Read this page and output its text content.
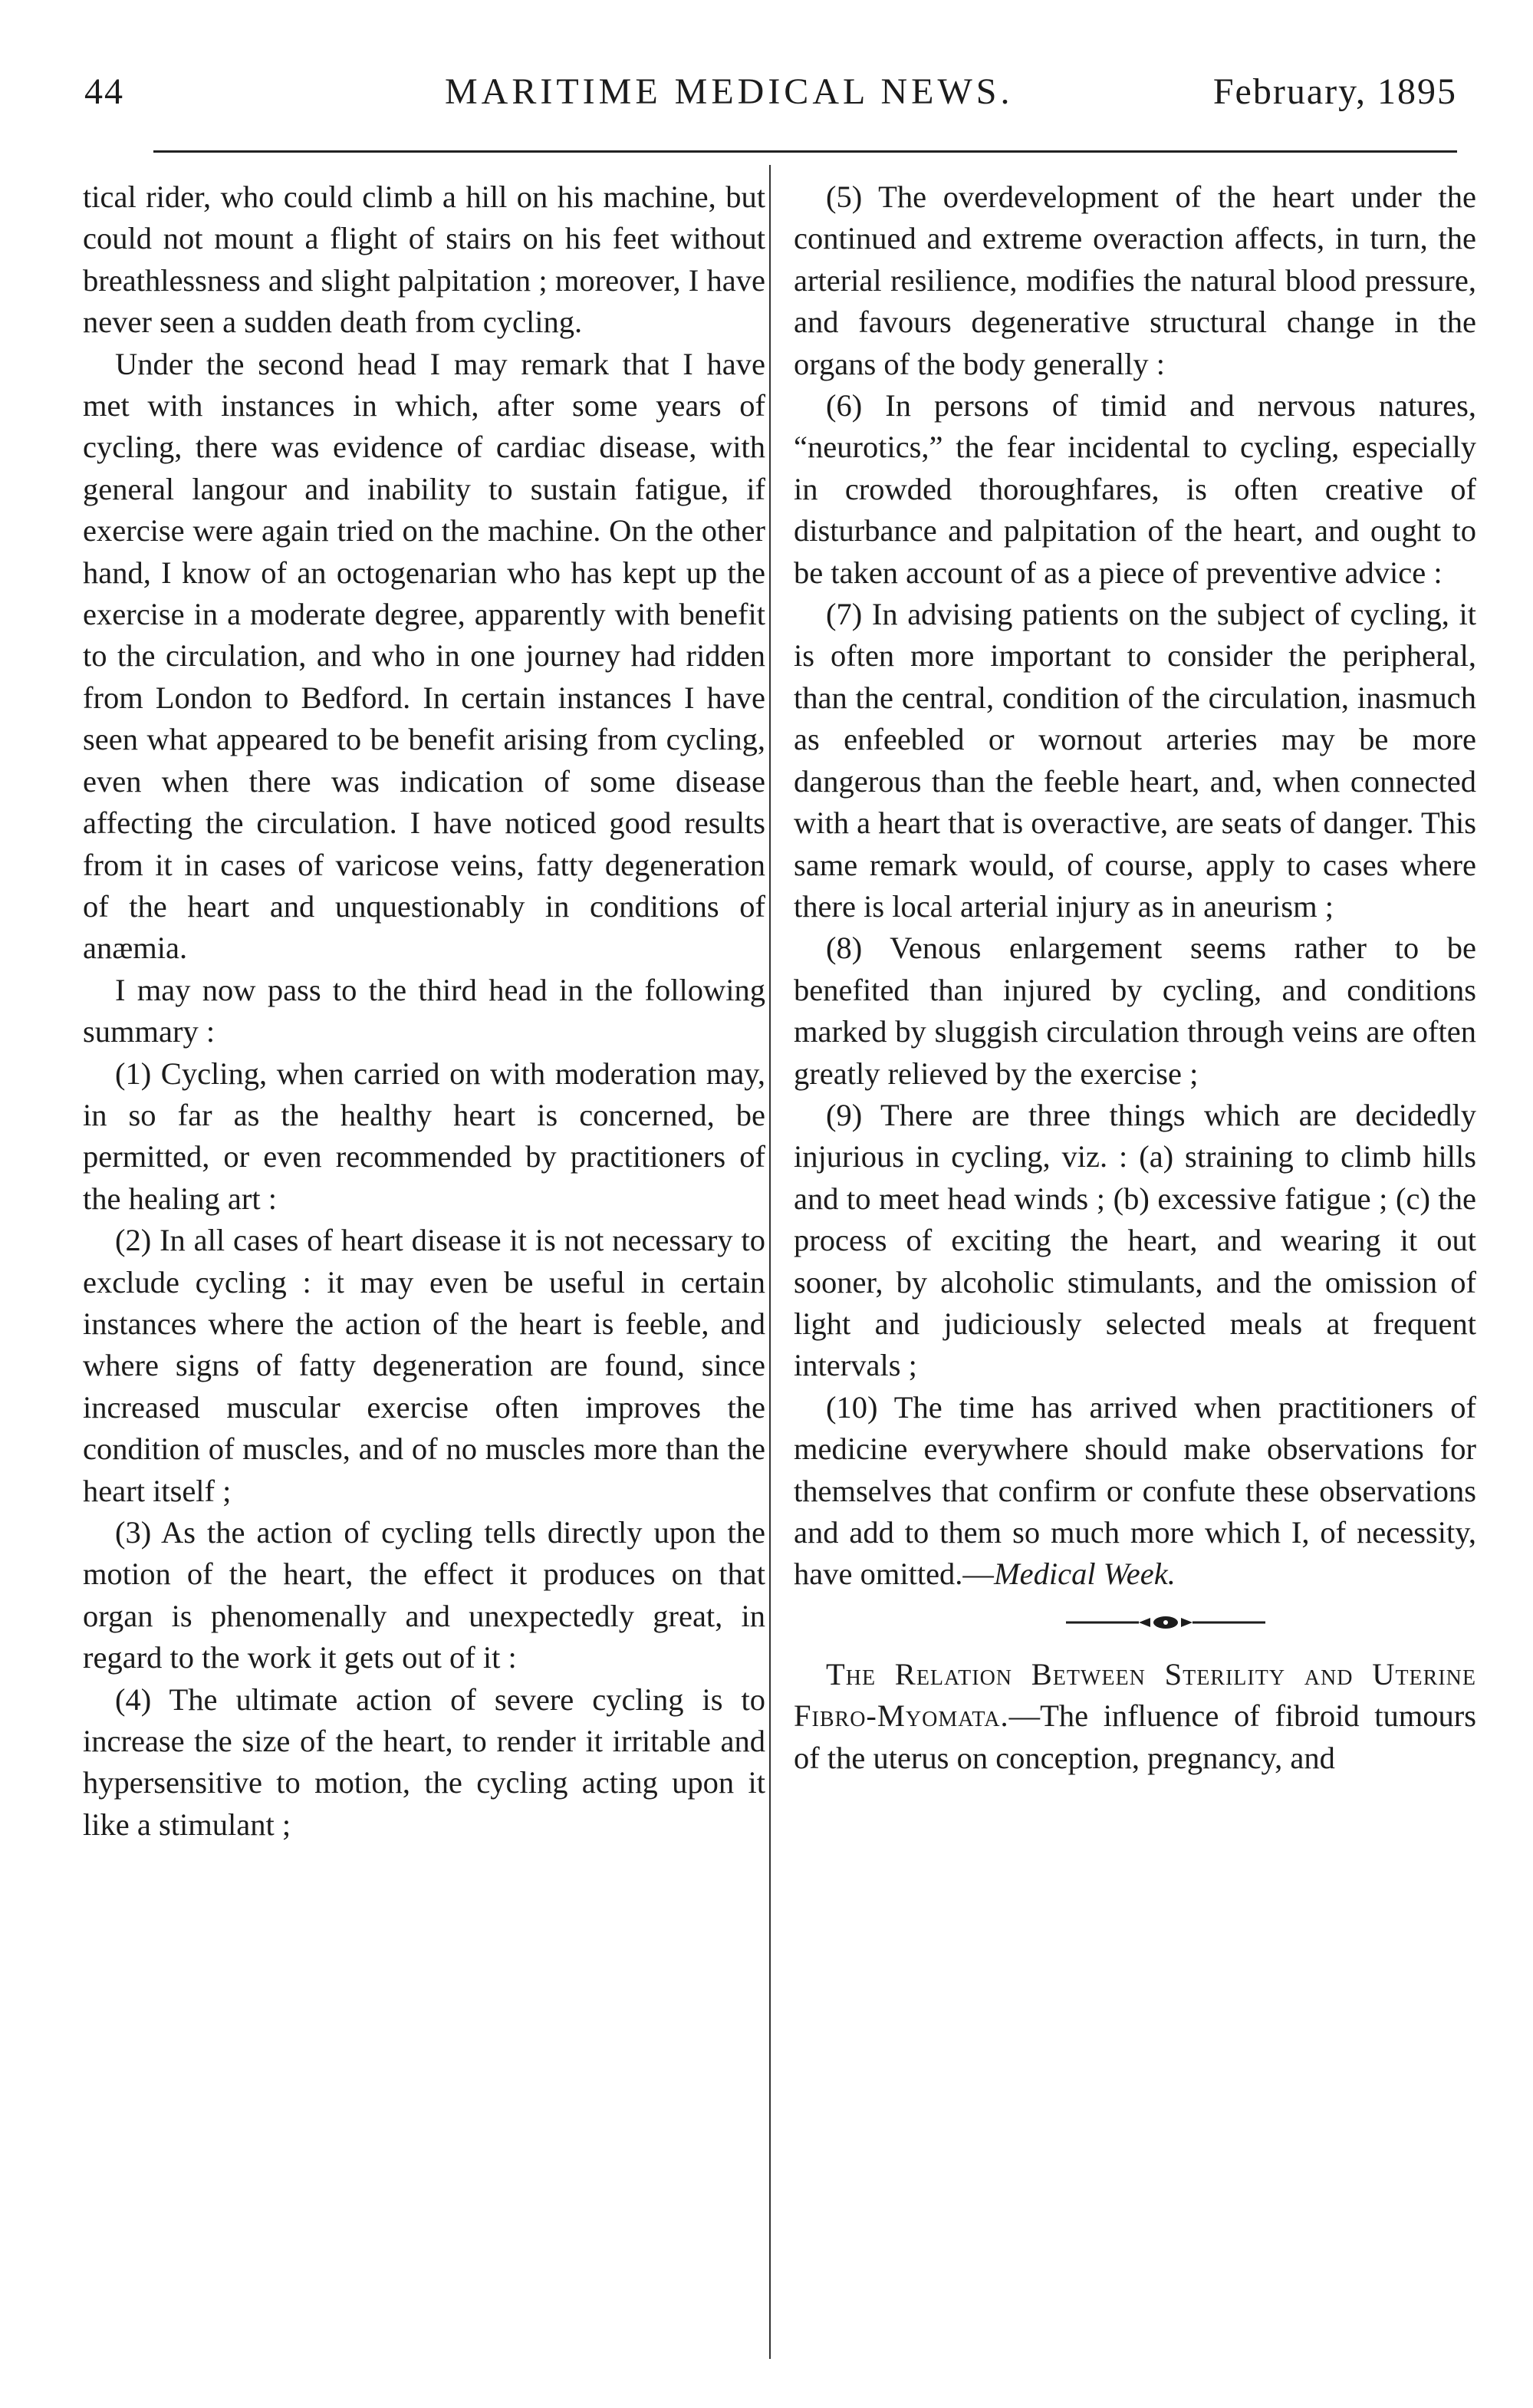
44	MARITIME MEDICAL NEWS.	February, 1895

tical rider, who could climb a hill on his machine, but could not mount a flight of stairs on his feet without breathlessness and slight palpitation ; moreover, I have never seen a sudden death from cycling.

Under the second head I may remark that I have met with instances in which, after some years of cycling, there was evidence of cardiac disease, with general langour and inability to sustain fatigue, if exercise were again tried on the machine. On the other hand, I know of an octogenarian who has kept up the exercise in a moderate degree, apparently with benefit to the circulation, and who in one journey had ridden from London to Bedford. In certain instances I have seen what appeared to be benefit arising from cycling, even when there was indication of some disease affecting the circulation. I have noticed good results from it in cases of varicose veins, fatty degeneration of the heart and unquestionably in conditions of anæmia.

I may now pass to the third head in the following summary :

(1) Cycling, when carried on with moderation may, in so far as the healthy heart is concerned, be permitted, or even recommended by practitioners of the healing art :

(2) In all cases of heart disease it is not necessary to exclude cycling : it may even be useful in certain instances where the action of the heart is feeble, and where signs of fatty degeneration are found, since increased muscular exercise often improves the condition of muscles, and of no muscles more than the heart itself ;

(3) As the action of cycling tells directly upon the motion of the heart, the effect it produces on that organ is phenomenally and unexpectedly great, in regard to the work it gets out of it :

(4) The ultimate action of severe cycling is to increase the size of the heart, to render it irritable and hypersensitive to motion, the cycling acting upon it like a stimulant ;

(5) The overdevelopment of the heart under the continued and extreme overaction affects, in turn, the arterial resilience, modifies the natural blood pressure, and favours degenerative structural change in the organs of the body generally :

(6) In persons of timid and nervous natures, “neurotics,” the fear incidental to cycling, especially in crowded thoroughfares, is often creative of disturbance and palpitation of the heart, and ought to be taken account of as a piece of preventive advice :

(7) In advising patients on the subject of cycling, it is often more important to consider the peripheral, than the central, condition of the circulation, inasmuch as enfeebled or wornout arteries may be more dangerous than the feeble heart, and, when connected with a heart that is overactive, are seats of danger. This same remark would, of course, apply to cases where there is local arterial injury as in aneurism ;

(8) Venous enlargement seems rather to be benefited than injured by cycling, and conditions marked by sluggish circulation through veins are often greatly relieved by the exercise ;

(9) There are three things which are decidedly injurious in cycling, viz. : (a) straining to climb hills and to meet head winds ; (b) excessive fatigue ; (c) the process of exciting the heart, and wearing it out sooner, by alcoholic stimulants, and the omission of light and judiciously selected meals at frequent intervals ;

(10) The time has arrived when practitioners of medicine everywhere should make observations for themselves that confirm or confute these observations and add to them so much more which I, of necessity, have omitted.—Medical Week.

The Relation Between Sterility and Uterine Fibro-Myomata.—The influence of fibroid tumours of the uterus on conception, pregnancy, and
